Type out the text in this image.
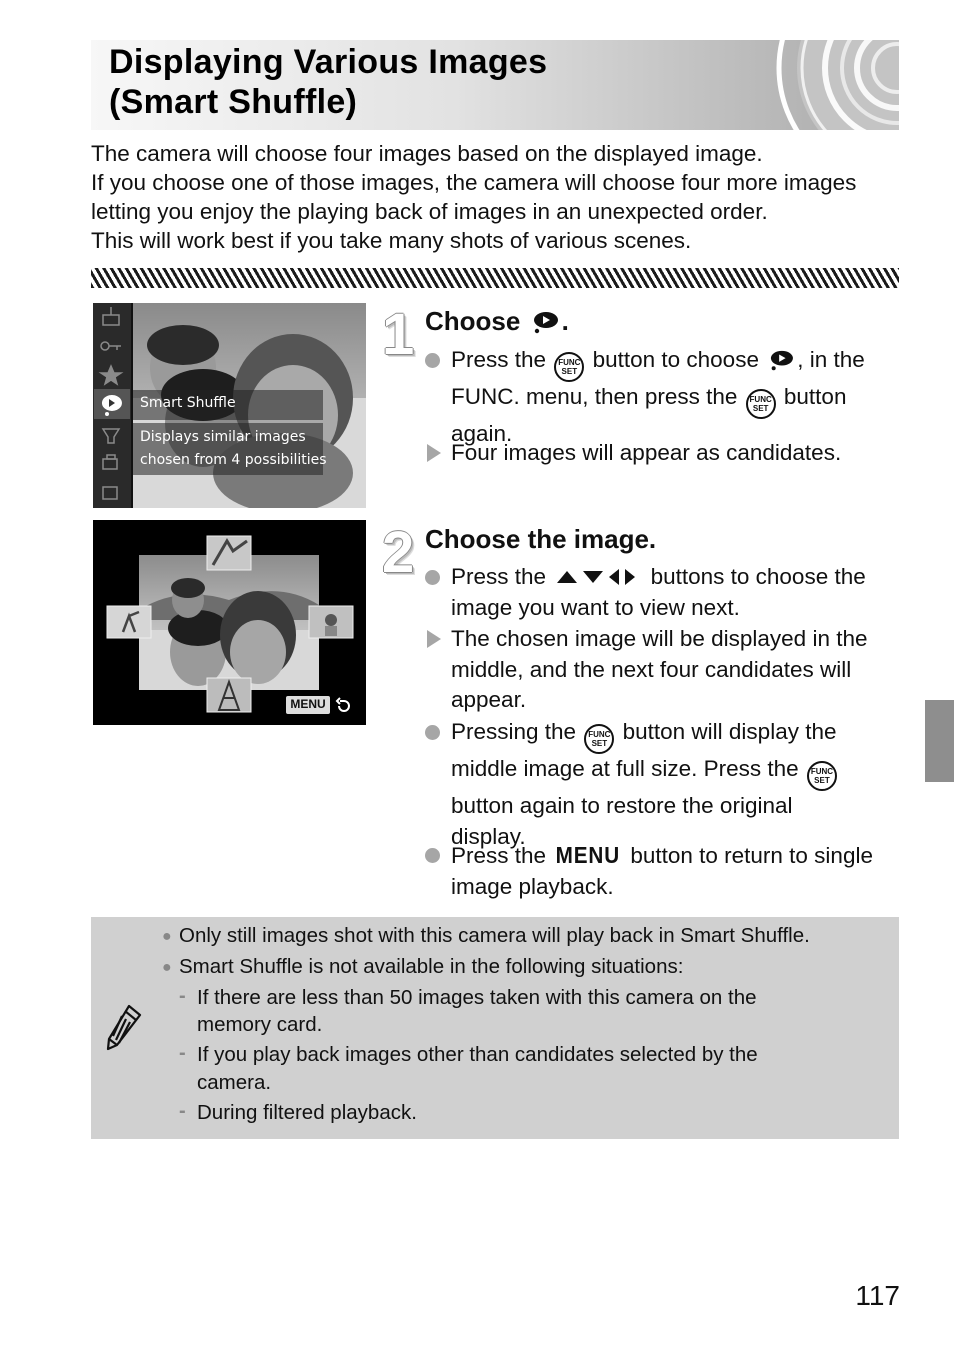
Displaying Various Images
(Smart Shuffle)
The camera will choose four images based on the displayed image.
If you choose one of those images, the camera will choose four more images
letting you enjoy the playing back of images in an unexpected order.
This will work best if you take many shots of various scenes.
Smart Shuffle
Displays similar images
chosen from 4 possibilities
MENU
1 Choose .
Press the FUNC
SET button to choose , in the
FUNC. menu, then press the FUNC
SET button
again.
Four images will appear as candidates.
2 Choose the image.
Press the	buttons to choose the
image you want to view next.
The chosen image will be displayed in the
middle, and the next four candidates will
appear.
Pressing the FUNC
SET button will display the
middle image at full size. Press the FUNC
SET
button again to restore the original
display.
Press the MENU button to return to single
image playback.
● Only still images shot with this camera will play back in Smart Shuffle.
● Smart Shuffle is not available in the following situations:
- If there are less than 50 images taken with this camera on the
memory card.
- If you play back images other than candidates selected by the
camera.
- During filtered playback.
117
